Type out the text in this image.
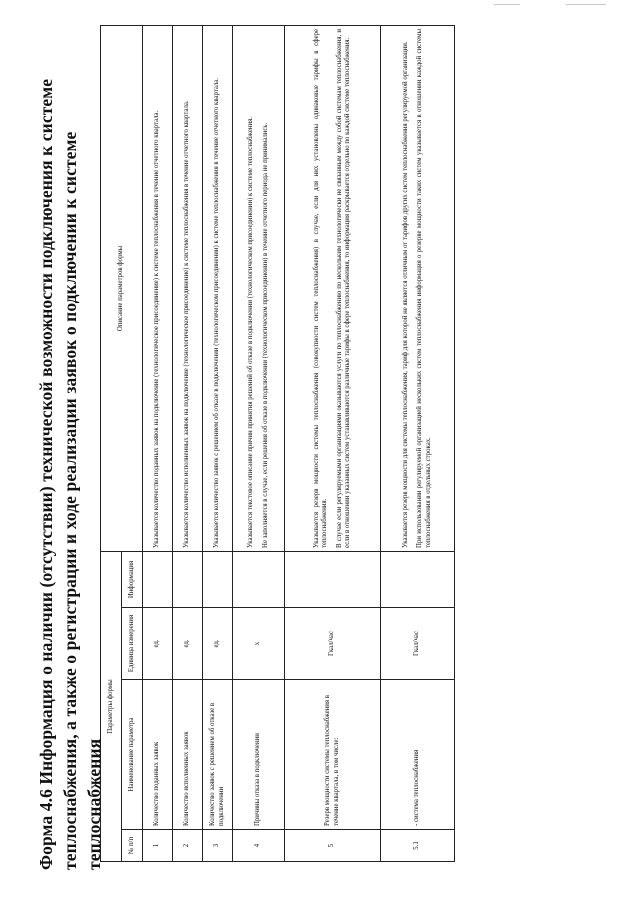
Форма 4.6 Информация о наличии (отсутствии) технической возможности подключения к системе теплоснабжения, а также о регистрации и ходе реализации заявок о подключении к системе теплоснабжения
Параметры формы				Описание параметров формы
№ п/п	Наименование параметра	Единица измерения	Информация	
1	Количество поданных заявок	ед.		Указывается количество поданных заявок на подключение (технологическое присоединение) к системе теплоснабжения в течение отчетного квартала.

2	Количество исполненных заявок	ед.		Указывается количество исполненных заявок на подключение (технологическое присоединение) к системе теплоснабжения в течение отчетного квартала.

3	Количество заявок с решением об отказе в подключении	ед.		Указывается количество заявок с решением об отказе в подключении (технологическом присоединении) к системе теплоснабжения в течение отчетного квартала.

4	Причины отказа в подключении	x		Указывается текстовое описание причин принятия решений об отказе в подключении (технологическом присоединении) к системе теплоснабжения. Не заполняется в случае, если решения об отказе в подключении (технологическом присоединении) в течение отчетного периода не принимались.

5	Резерв мощности системы теплоснабжения в течение квартала, в том числе:	Гкал/час		Указывается резерв мощности системы теплоснабжения (совокупности систем теплоснабжения) в случае, если для них установлены одинаковые тарифы в сфере теплоснабжения. В случае если регулируемыми организациями оказываются услуги по теплоснабжению по нескольким технологически не связанным между собой системам теплоснабжения, и если в отношении указанных систем устанавливаются различные тарифы в сфере теплоснабжения, то информация раскрывается отдельно по каждой системе теплоснабжения.

5.1	- система теплоснабжения	Гкал/час		Указывается резерв мощности для системы теплоснабжения, тариф для которой не является отличным от тарифов других систем теплоснабжения регулируемой организации. При использовании регулируемой организацией нескольких систем теплоснабжения информация о резерве мощности таких систем указывается в отношении каждой системы теплоснабжения в отдельных строках.
